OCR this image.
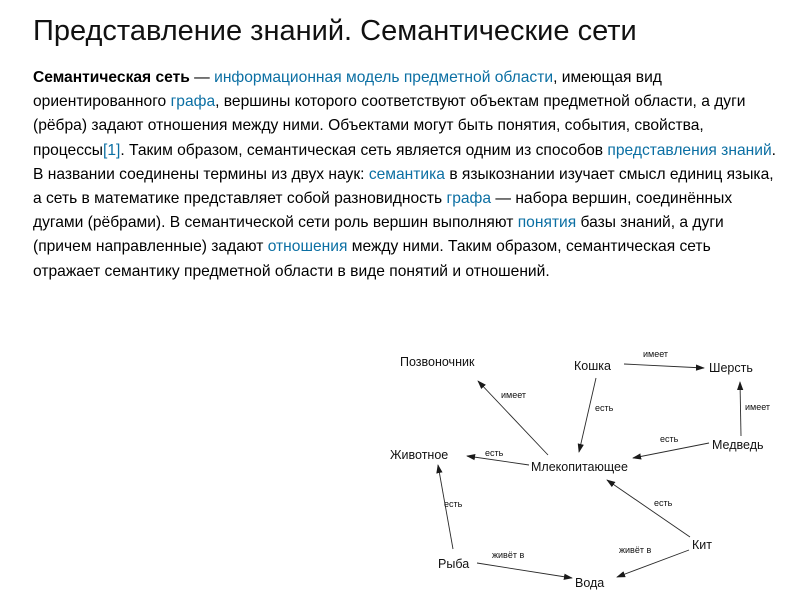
Представление знаний. Семантические сети
Семантическая сеть — информационная модель предметной области, имеющая вид ориентированного графа, вершины которого соответствуют объектам предметной области, а дуги (рёбра) задают отношения между ними. Объектами могут быть понятия, события, свойства, процессы[1]. Таким образом, семантическая сеть является одним из способов представления знаний. В названии соединены термины из двух наук: семантика в языкознании изучает смысл единиц языка, а сеть в математике представляет собой разновидность графа — набора вершин, соединённых дугами (рёбрами). В семантической сети роль вершин выполняют понятия базы знаний, а дуги (причем направленные) задают отношения между ними. Таким образом, семантическая сеть отражает семантику предметной области в виде понятий и отношений.
имеет
имеет
имеет
есть
есть
есть
есть	есть
живёт в	живёт в
Позвоночник	Кошка	Шерсть
Медведь
Животное
Млекопитающее
Рыба
Кит
Вода
